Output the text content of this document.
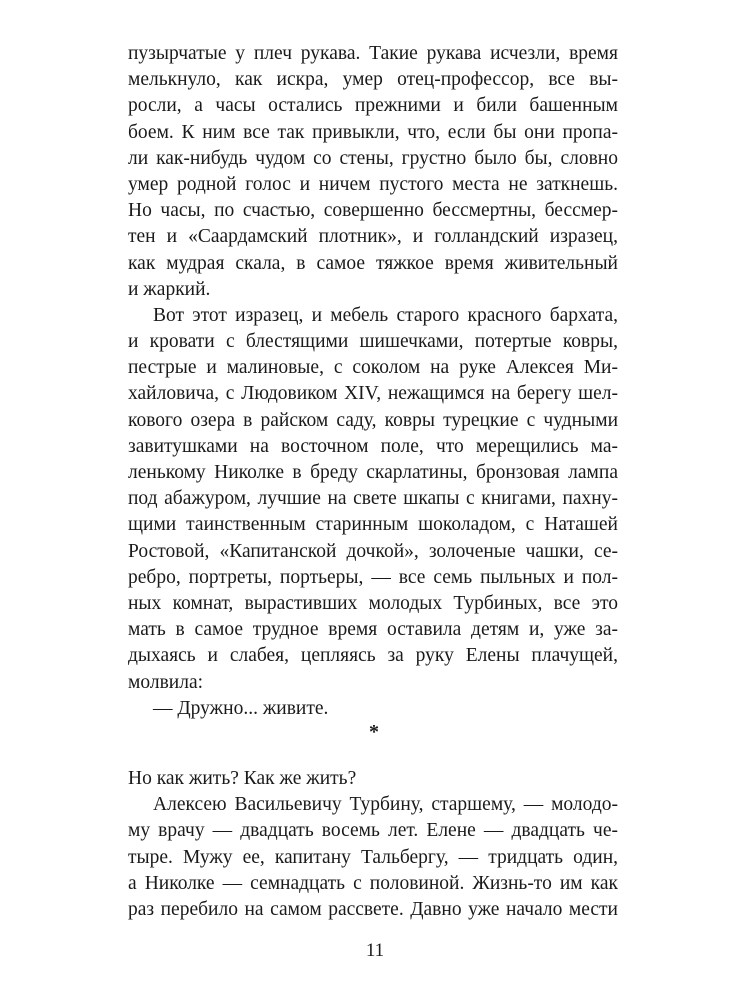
пузырчатые у плеч рукава. Такие рукава исчезли, время
мелькнуло, как искра, умер отец-профессор, все вы-
росли, а часы остались прежними и били башенным
боем. К ним все так привыкли, что, если бы они пропа-
ли как-нибудь чудом со стены, грустно было бы, словно
умер родной голос и ничем пустого места не заткнешь.
Но часы, по счастью, совершенно бессмертны, бессмер-
тен и «Саардамский плотник», и голландский изразец,
как мудрая скала, в самое тяжкое время живительный
и жаркий.
Вот этот изразец, и мебель старого красного бархата,
и кровати с блестящими шишечками, потертые ковры,
пестрые и малиновые, с соколом на руке Алексея Ми-
хайловича, с Людовиком XIV, нежащимся на берегу шел-
кового озера в райском саду, ковры турецкие с чудными
завитушками на восточном поле, что мерещились ма-
ленькому Николке в бреду скарлатины, бронзовая лампа
под абажуром, лучшие на свете шкапы с книгами, пахну-
щими таинственным старинным шоколадом, с Наташей
Ростовой, «Капитанской дочкой», золоченые чашки, се-
ребро, портреты, портьеры, — все семь пыльных и пол-
ных комнат, вырастивших молодых Турбиных, все это
мать в самое трудное время оставила детям и, уже за-
дыхаясь и слабея, цепляясь за руку Елены плачущей,
молвила:
— Дружно... живите.
*
Но как жить? Как же жить?
Алексею Васильевичу Турбину, старшему, — молодо-
му врачу — двадцать восемь лет. Елене — двадцать че-
тыре. Мужу ее, капитану Тальбергу, — тридцать один,
а Николке — семнадцать с половиной. Жизнь-то им как
раз перебило на самом рассвете. Давно уже начало мести
11
